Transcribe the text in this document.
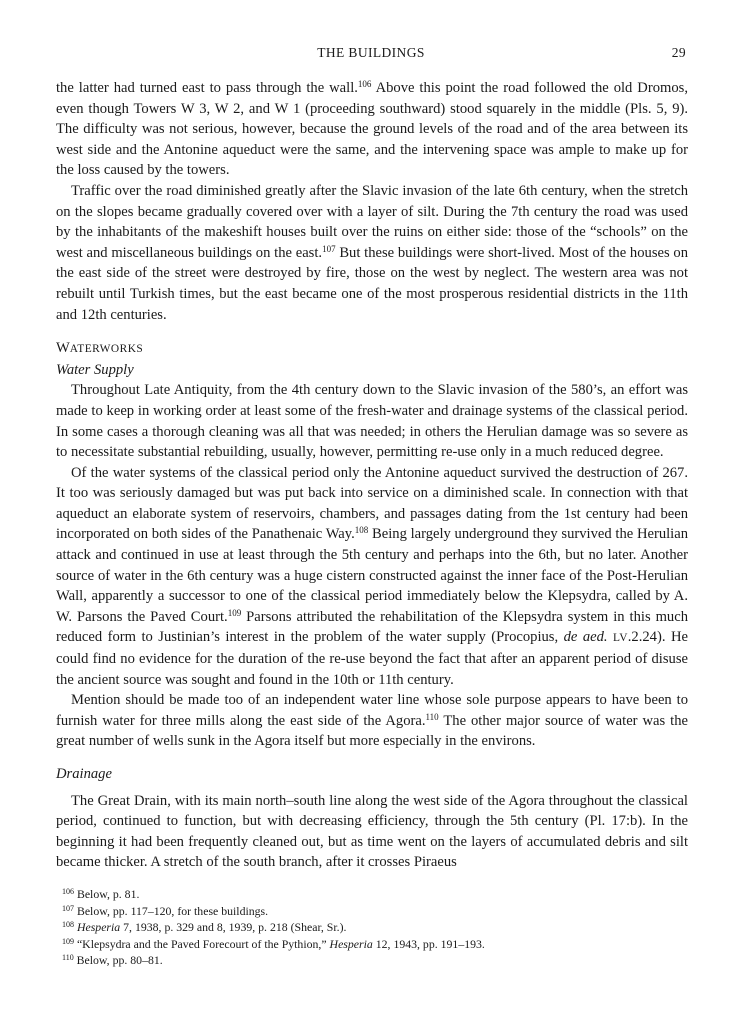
THE BUILDINGS	29

the latter had turned east to pass through the wall.$^{106}$ Above this point the road followed the old Dromos, even though Towers W 3, W 2, and W 1 (proceeding southward) stood squarely in the middle (Pls. 5, 9). The difficulty was not serious, however, because the ground levels of the road and of the area between its west side and the Antonine aqueduct were the same, and the intervening space was ample to make up for the loss caused by the towers.

Traffic over the road diminished greatly after the Slavic invasion of the late 6th century, when the stretch on the slopes became gradually covered over with a layer of silt. During the 7th century the road was used by the inhabitants of the makeshift houses built over the ruins on either side: those of the “schools” on the west and miscellaneous buildings on the east.$^{107}$ But these buildings were short-lived. Most of the houses on the east side of the street were destroyed by fire, those on the west by neglect. The western area was not rebuilt until Turkish times, but the east became one of the most prosperous residential districts in the 11th and 12th centuries.

WATERWORKS
Water Supply

Throughout Late Antiquity, from the 4th century down to the Slavic invasion of the 580’s, an effort was made to keep in working order at least some of the fresh-water and drainage systems of the classical period. In some cases a thorough cleaning was all that was needed; in others the Herulian damage was so severe as to necessitate substantial rebuilding, usually, however, permitting re-use only in a much reduced degree.

Of the water systems of the classical period only the Antonine aqueduct survived the destruction of 267. It too was seriously damaged but was put back into service on a diminished scale. In connection with that aqueduct an elaborate system of reservoirs, chambers, and passages dating from the 1st century had been incorporated on both sides of the Panathenaic Way.$^{108}$ Being largely underground they survived the Herulian attack and continued in use at least through the 5th century and perhaps into the 6th, but no later. Another source of water in the 6th century was a huge cistern constructed against the inner face of the Post-Herulian Wall, apparently a successor to one of the classical period immediately below the Klepsydra, called by A. W. Parsons the Paved Court.$^{109}$ Parsons attributed the rehabilitation of the Klepsydra system in this much reduced form to Justinian’s interest in the problem of the water supply (Procopius, de aed. LV.2.24). He could find no evidence for the duration of the re-use beyond the fact that after an apparent period of disuse the ancient source was sought and found in the 10th or 11th century.

Mention should be made too of an independent water line whose sole purpose appears to have been to furnish water for three mills along the east side of the Agora.$^{110}$ The other major source of water was the great number of wells sunk in the Agora itself but more especially in the environs.

Drainage

The Great Drain, with its main north–south line along the west side of the Agora throughout the classical period, continued to function, but with decreasing efficiency, through the 5th century (Pl. 17:b). In the beginning it had been frequently cleaned out, but as time went on the layers of accumulated debris and silt became thicker. A stretch of the south branch, after it crosses Piraeus

$^{106}$ Below, p. 81.
$^{107}$ Below, pp. 117–120, for these buildings.
$^{108}$ Hesperia 7, 1938, p. 329 and 8, 1939, p. 218 (Shear, Sr.).
$^{109}$ “Klepsydra and the Paved Forecourt of the Pythion,” Hesperia 12, 1943, pp. 191–193.
$^{110}$ Below, pp. 80–81.
